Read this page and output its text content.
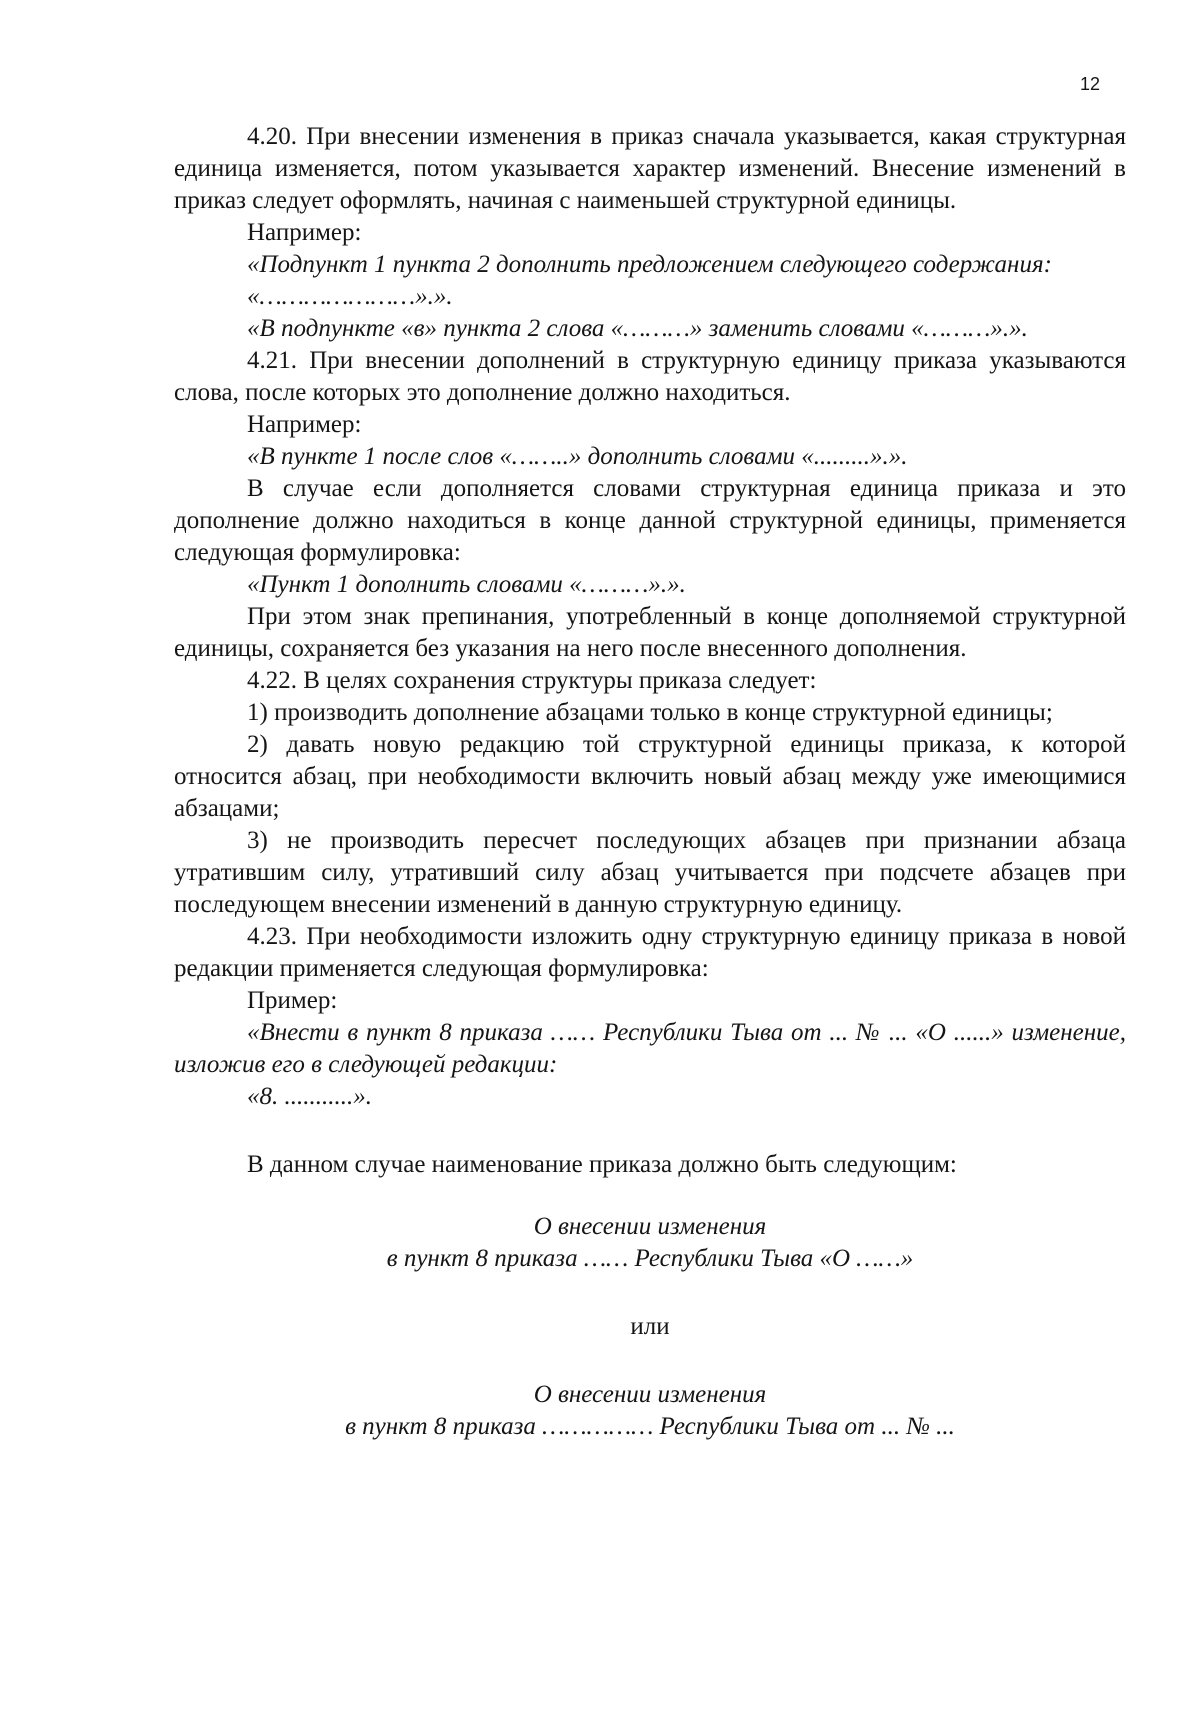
12

4.20. При внесении изменения в приказ сначала указывается, какая структурная единица изменяется, потом указывается характер изменений. Внесение изменений в приказ следует оформлять, начиная с наименьшей структурной единицы.

Например:

«Подпункт 1 пункта 2 дополнить предложением следующего содержания:

«…………………».».

«В подпункте «в» пункта 2 слова «………» заменить словами «………».».

4.21. При внесении дополнений в структурную единицу приказа указываются слова, после которых это дополнение должно находиться.

Например:

«В пункте 1 после слов «……..» дополнить словами «.........».».

В случае если дополняется словами структурная единица приказа и это дополнение должно находиться в конце данной структурной единицы, применяется следующая формулировка:

«Пункт 1 дополнить словами «………».».

При этом знак препинания, употребленный в конце дополняемой структурной единицы, сохраняется без указания на него после внесенного дополнения.

4.22. В целях сохранения структуры приказа следует:

1) производить дополнение абзацами только в конце структурной единицы;

2) давать новую редакцию той структурной единицы приказа, к которой относится абзац, при необходимости включить новый абзац между уже имеющимися абзацами;

3) не производить пересчет последующих абзацев при признании абзаца утратившим силу, утративший силу абзац учитывается при подсчете абзацев при последующем внесении изменений в данную структурную единицу.

4.23. При необходимости изложить одну структурную единицу приказа в новой редакции применяется следующая формулировка:

Пример:

«Внести в пункт 8 приказа …… Республики Тыва от ... № ... «О ......» изменение, изложив его в следующей редакции:

«8. ...........».

В данном случае наименование приказа должно быть следующим:

О внесении изменения

в пункт 8 приказа …… Республики Тыва «О ……»

или

О внесении изменения

в пункт 8 приказа …………… Республики Тыва от ... № ...
